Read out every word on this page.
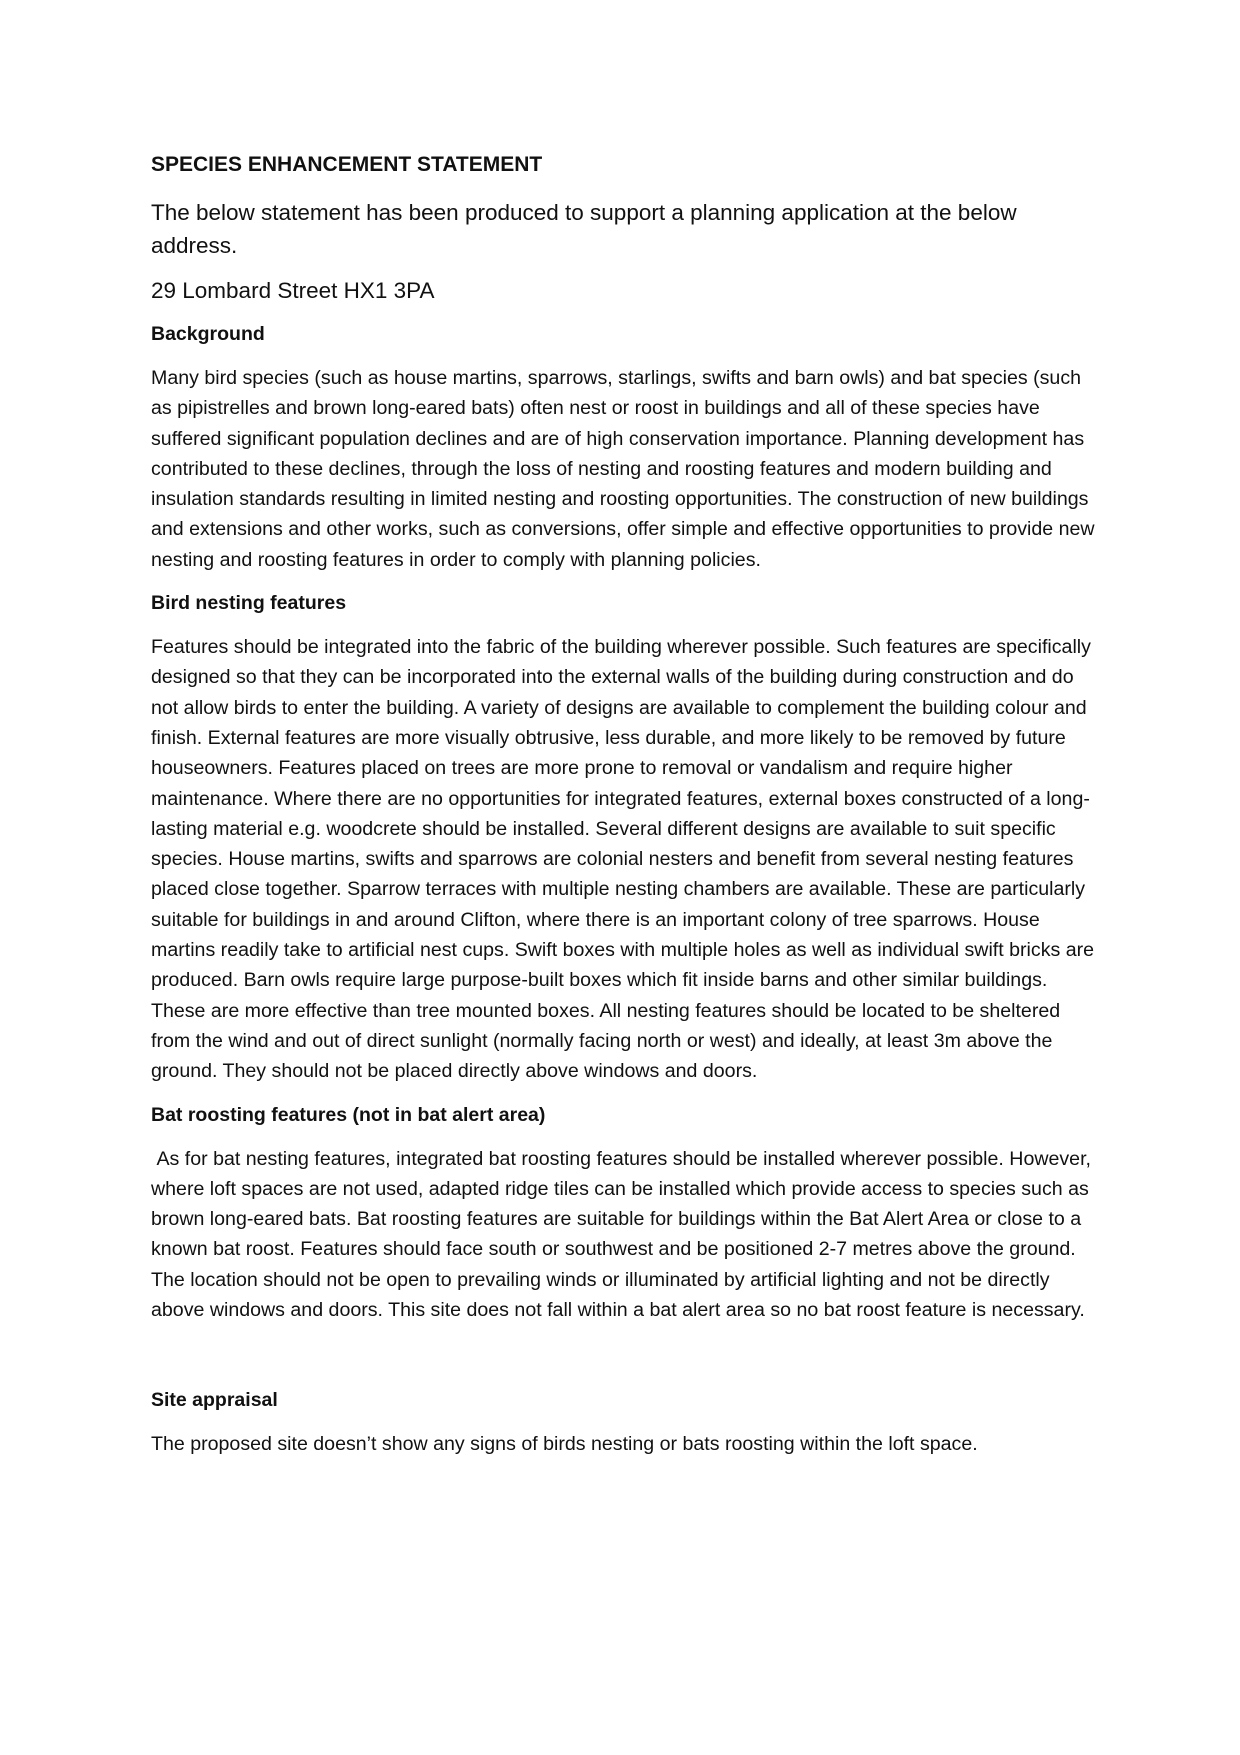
SPECIES ENHANCEMENT STATEMENT

The below statement has been produced to support a planning application at the below address.

29 Lombard Street HX1 3PA

Background

Many bird species (such as house martins, sparrows, starlings, swifts and barn owls) and bat species (such as pipistrelles and brown long-eared bats) often nest or roost in buildings and all of these species have suffered significant population declines and are of high conservation importance. Planning development has contributed to these declines, through the loss of nesting and roosting features and modern building and insulation standards resulting in limited nesting and roosting opportunities. The construction of new buildings and extensions and other works, such as conversions, offer simple and effective opportunities to provide new nesting and roosting features in order to comply with planning policies.

Bird nesting features

Features should be integrated into the fabric of the building wherever possible. Such features are specifically designed so that they can be incorporated into the external walls of the building during construction and do not allow birds to enter the building. A variety of designs are available to complement the building colour and finish. External features are more visually obtrusive, less durable, and more likely to be removed by future houseowners. Features placed on trees are more prone to removal or vandalism and require higher maintenance. Where there are no opportunities for integrated features, external boxes constructed of a long-lasting material e.g. woodcrete should be installed. Several different designs are available to suit specific species. House martins, swifts and sparrows are colonial nesters and benefit from several nesting features placed close together. Sparrow terraces with multiple nesting chambers are available. These are particularly suitable for buildings in and around Clifton, where there is an important colony of tree sparrows. House martins readily take to artificial nest cups. Swift boxes with multiple holes as well as individual swift bricks are produced. Barn owls require large purpose-built boxes which fit inside barns and other similar buildings. These are more effective than tree mounted boxes. All nesting features should be located to be sheltered from the wind and out of direct sunlight (normally facing north or west) and ideally, at least 3m above the ground. They should not be placed directly above windows and doors.

Bat roosting features (not in bat alert area)

As for bat nesting features, integrated bat roosting features should be installed wherever possible. However, where loft spaces are not used, adapted ridge tiles can be installed which provide access to species such as brown long-eared bats. Bat roosting features are suitable for buildings within the Bat Alert Area or close to a known bat roost. Features should face south or southwest and be positioned 2-7 metres above the ground. The location should not be open to prevailing winds or illuminated by artificial lighting and not be directly above windows and doors. This site does not fall within a bat alert area so no bat roost feature is necessary.

Site appraisal

The proposed site doesn’t show any signs of birds nesting or bats roosting within the loft space.
